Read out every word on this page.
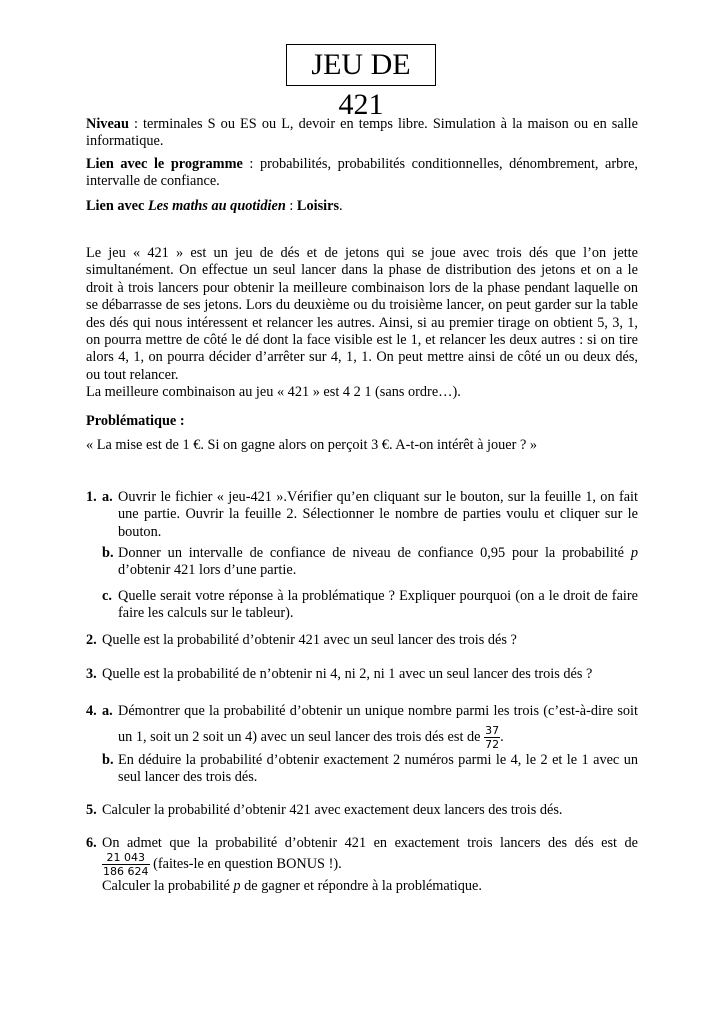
JEU DE 421
Niveau : terminales S ou ES ou L, devoir en temps libre. Simulation à la maison ou en salle informatique.
Lien avec le programme : probabilités, probabilités conditionnelles, dénombrement, arbre, intervalle de confiance.
Lien avec Les maths au quotidien : Loisirs.
Le jeu « 421 » est un jeu de dés et de jetons qui se joue avec trois dés que l’on jette simultanément. On effectue un seul lancer dans la phase de distribution des jetons et on a le droit à trois lancers pour obtenir la meilleure combinaison lors de la phase pendant laquelle on se débarrasse de ses jetons. Lors du deuxième ou du troisième lancer, on peut garder sur la table des dés qui nous intéressent et relancer les autres. Ainsi, si au premier tirage on obtient 5, 3, 1, on pourra mettre de côté le dé dont la face visible est le 1, et relancer les deux autres : si on tire alors 4, 1, on pourra décider d’arrêter sur 4, 1, 1. On peut mettre ainsi de côté un ou deux dés, ou tout relancer.
La meilleure combinaison au jeu « 421 » est 4 2 1 (sans ordre…).
Problématique :
« La mise est de 1 €. Si on gagne alors on perçoit 3 €. A-t-on intérêt à jouer ? »
1. a. Ouvrir le fichier « jeu-421 ».Vérifier qu’en cliquant sur le bouton, sur la feuille 1, on fait une partie. Ouvrir la feuille 2. Sélectionner le nombre de parties voulu et cliquer sur le bouton.
b. Donner un intervalle de confiance de niveau de confiance 0,95 pour la probabilité p d’obtenir 421 lors d’une partie.
c. Quelle serait votre réponse à la problématique ? Expliquer pourquoi (on a le droit de faire faire les calculs sur le tableur).
2. Quelle est la probabilité d’obtenir 421 avec un seul lancer des trois dés ?
3. Quelle est la probabilité de n’obtenir ni 4, ni 2, ni 1 avec un seul lancer des trois dés ?
4. a. Démontrer que la probabilité d’obtenir un unique nombre parmi les trois (c’est-à-dire soit un 1, soit un 2 soit un 4) avec un seul lancer des trois dés est de $\frac{37}{72}$ .
b. En déduire la probabilité d’obtenir exactement 2 numéros parmi le 4, le 2 et le 1 avec un seul lancer des trois dés.
5. Calculer la probabilité d’obtenir 421 avec exactement deux lancers des trois dés.
6. On admet que la probabilité d’obtenir 421 en exactement trois lancers des dés est de
$\frac{21 043}{186 624}$ (faites-le en question BONUS !).
Calculer la probabilité p de gagner et répondre à la problématique.
